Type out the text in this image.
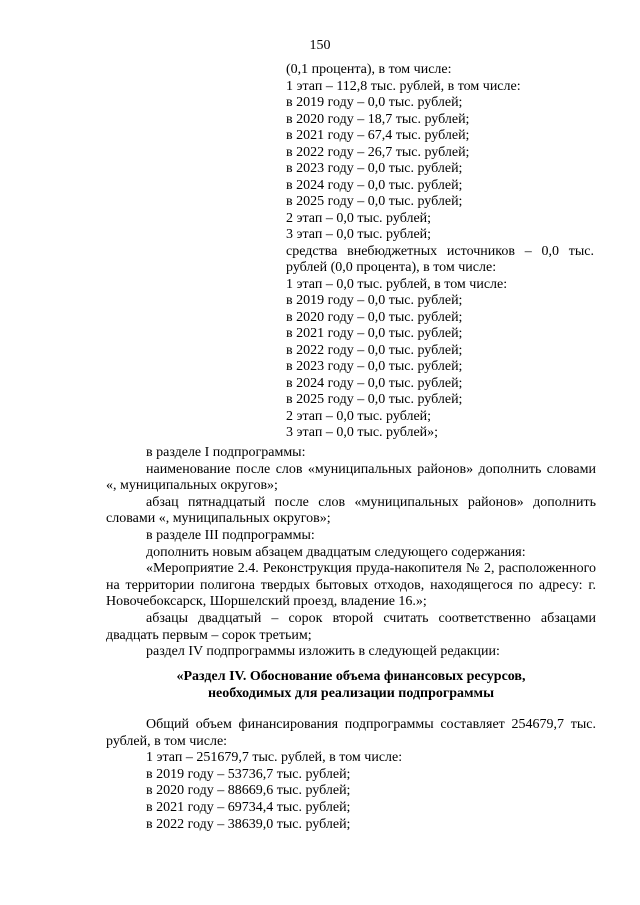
150
(0,1 процента), в том числе:
1 этап – 112,8 тыс. рублей, в том числе:
в 2019 году – 0,0 тыс. рублей;
в 2020 году – 18,7 тыс. рублей;
в 2021 году – 67,4 тыс. рублей;
в 2022 году – 26,7 тыс. рублей;
в 2023 году – 0,0 тыс. рублей;
в 2024 году – 0,0 тыс. рублей;
в 2025 году – 0,0 тыс. рублей;
2 этап – 0,0 тыс. рублей;
3 этап – 0,0 тыс. рублей;
средства внебюджетных источников – 0,0 тыс.
рублей (0,0 процента), в том числе:
1 этап – 0,0 тыс. рублей, в том числе:
в 2019 году – 0,0 тыс. рублей;
в 2020 году – 0,0 тыс. рублей;
в 2021 году – 0,0 тыс. рублей;
в 2022 году – 0,0 тыс. рублей;
в 2023 году – 0,0 тыс. рублей;
в 2024 году – 0,0 тыс. рублей;
в 2025 году – 0,0 тыс. рублей;
2 этап – 0,0 тыс. рублей;
3 этап – 0,0 тыс. рублей»;

в разделе I подпрограммы:

наименование после слов «муниципальных районов» дополнить словами «, муниципальных округов»;

абзац пятнадцатый после слов «муниципальных районов» дополнить словами «, муниципальных округов»;

в разделе III подпрограммы:

дополнить новым абзацем двадцатым следующего содержания:

«Мероприятие 2.4. Реконструкция пруда-накопителя № 2, расположенного на территории полигона твердых бытовых отходов, находящегося по адресу: г. Новочебоксарск, Шоршелский проезд, владение 16.»;

абзацы двадцатый – сорок второй считать соответственно абзацами двадцать первым – сорок третьим;

раздел IV подпрограммы изложить в следующей редакции:

«Раздел IV. Обоснование объема финансовых ресурсов,
необходимых для реализации подпрограммы

Общий объем финансирования подпрограммы составляет 254679,7 тыс. рублей, в том числе:

1 этап – 251679,7 тыс. рублей, в том числе:

в 2019 году – 53736,7 тыс. рублей;

в 2020 году – 88669,6 тыс. рублей;

в 2021 году – 69734,4 тыс. рублей;

в 2022 году – 38639,0 тыс. рублей;
